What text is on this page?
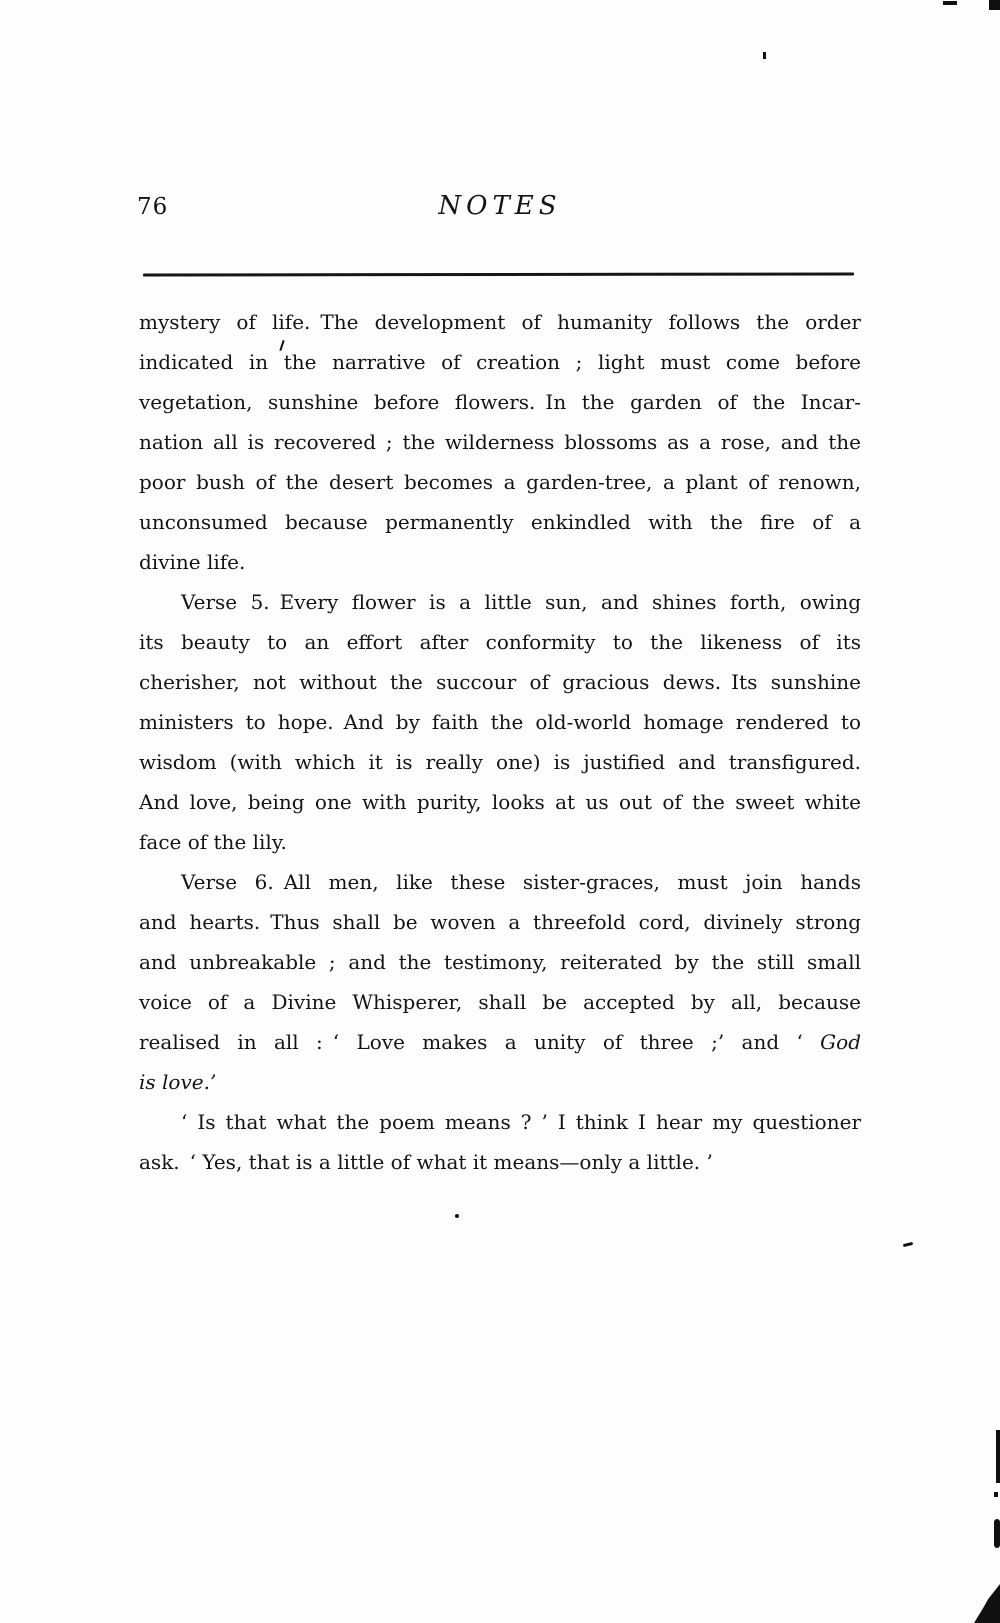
76	NOTES
mystery of life. The development of humanity follows the order
indicated in the narrative of creation ; light must come before
vegetation, sunshine before flowers. In the garden of the Incar-
nation all is recovered ; the wilderness blossoms as a rose, and the
poor bush of the desert becomes a garden-tree, a plant of renown,
unconsumed because permanently enkindled with the fire of a
divine life.
Verse 5. Every flower is a little sun, and shines forth, owing
its beauty to an effort after conformity to the likeness of its
cherisher, not without the succour of gracious dews. Its sunshine
ministers to hope. And by faith the old-world homage rendered to
wisdom (with which it is really one) is justified and transfigured.
And love, being one with purity, looks at us out of the sweet white
face of the lily.
Verse 6. All men, like these sister-graces, must join hands
and hearts. Thus shall be woven a threefold cord, divinely strong
and unbreakable ; and the testimony, reiterated by the still small
voice of a Divine Whisperer, shall be accepted by all, because
realised in all : ‘ Love makes a unity of three ;’ and ‘ God
is love.’
‘ Is that what the poem means ? ’ I think I hear my questioner
ask. ‘ Yes, that is a little of what it means—only a little. ’
